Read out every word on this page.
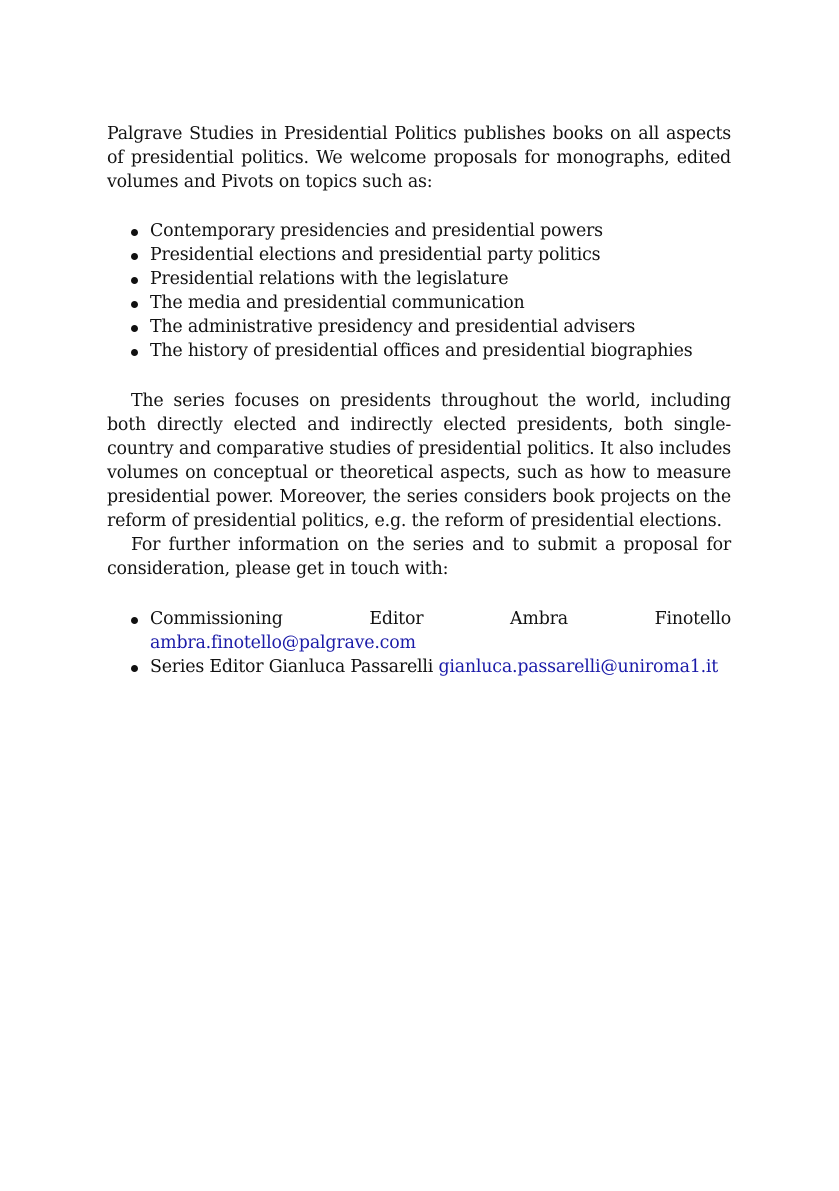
Palgrave Studies in Presidential Politics publishes books on all aspects of presidential politics. We welcome proposals for monographs, edited volumes and Pivots on topics such as:

Contemporary presidencies and presidential powers
Presidential elections and presidential party politics
Presidential relations with the legislature
The media and presidential communication
The administrative presidency and presidential advisers
The history of presidential offices and presidential biographies

The series focuses on presidents throughout the world, including both directly elected and indirectly elected presidents, both single-country and comparative studies of presidential politics. It also includes volumes on conceptual or theoretical aspects, such as how to measure presidential power. Moreover, the series considers book projects on the reform of presidential politics, e.g. the reform of presidential elections.

For further information on the series and to submit a proposal for consideration, please get in touch with:

Commissioning Editor Ambra Finotello ambra.finotello@palgrave.com
Series Editor Gianluca Passarelli gianluca.passarelli@uniroma1.it
